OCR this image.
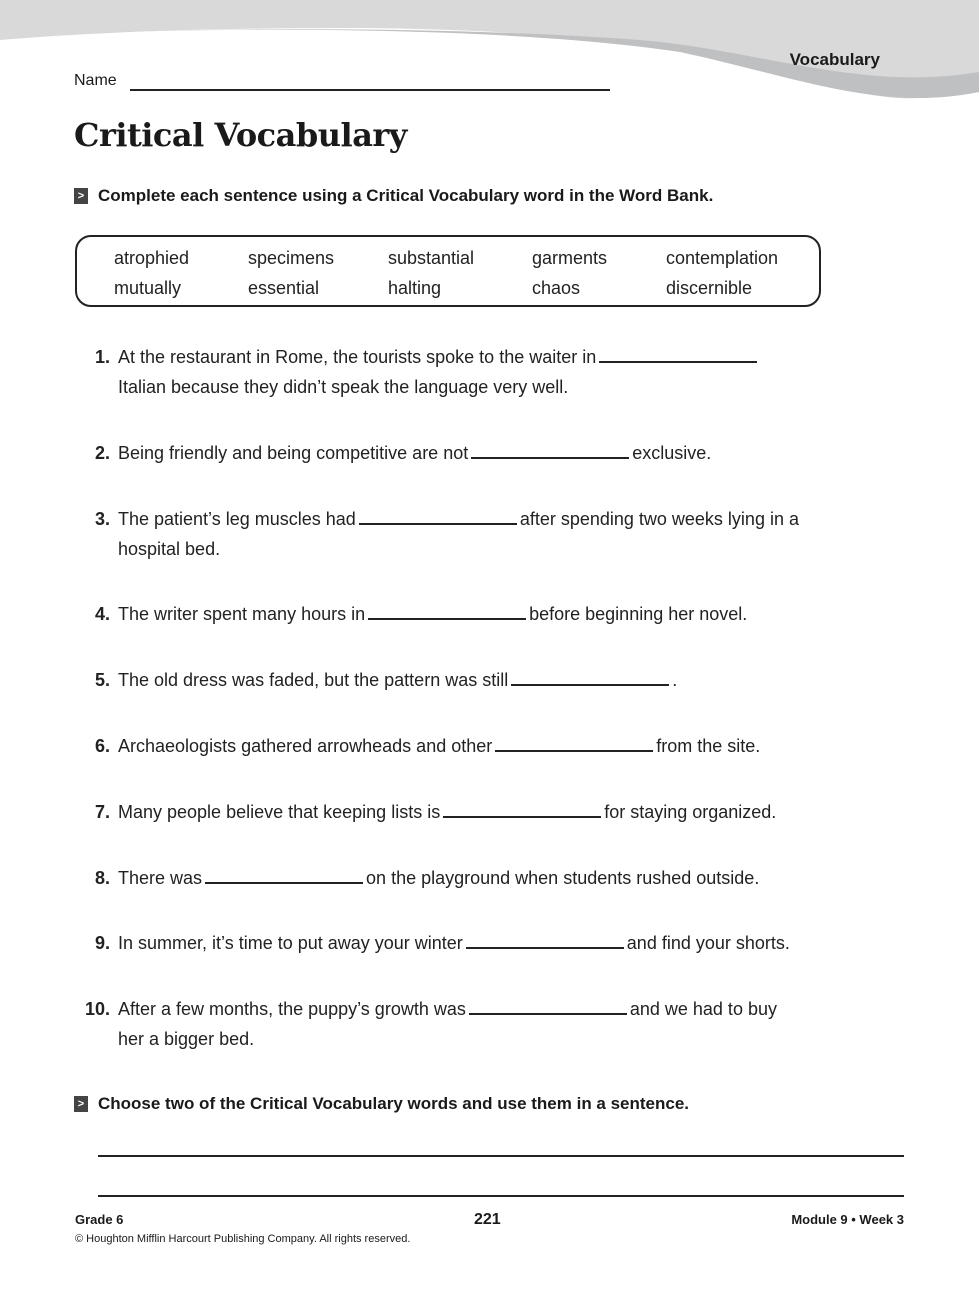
Vocabulary
Name
Critical Vocabulary
> Complete each sentence using a Critical Vocabulary word in the Word Bank.
atrophied	specimens	substantial	garments	contemplation
mutually	essential	halting	chaos	discernible
1. At the restaurant in Rome, the tourists spoke to the waiter in
Italian because they didn’t speak the language very well.
2. Being friendly and being competitive are not	exclusive.
3. The patient’s leg muscles had	after spending two weeks lying in a
hospital bed.
4. The writer spent many hours in	before beginning her novel.
5. The old dress was faded, but the pattern was still	.
6. Archaeologists gathered arrowheads and other	from the site.
7. Many people believe that keeping lists is	for staying organized.
8. There was	on the playground when students rushed outside.
9. In summer, it’s time to put away your winter	and find your shorts.
10. After a few months, the puppy’s growth was	and we had to buy
her a bigger bed.
> Choose two of the Critical Vocabulary words and use them in a sentence.
Grade 6
© Houghton Mifflin Harcourt Publishing Company. All rights reserved.
221	Module 9 • Week 3
